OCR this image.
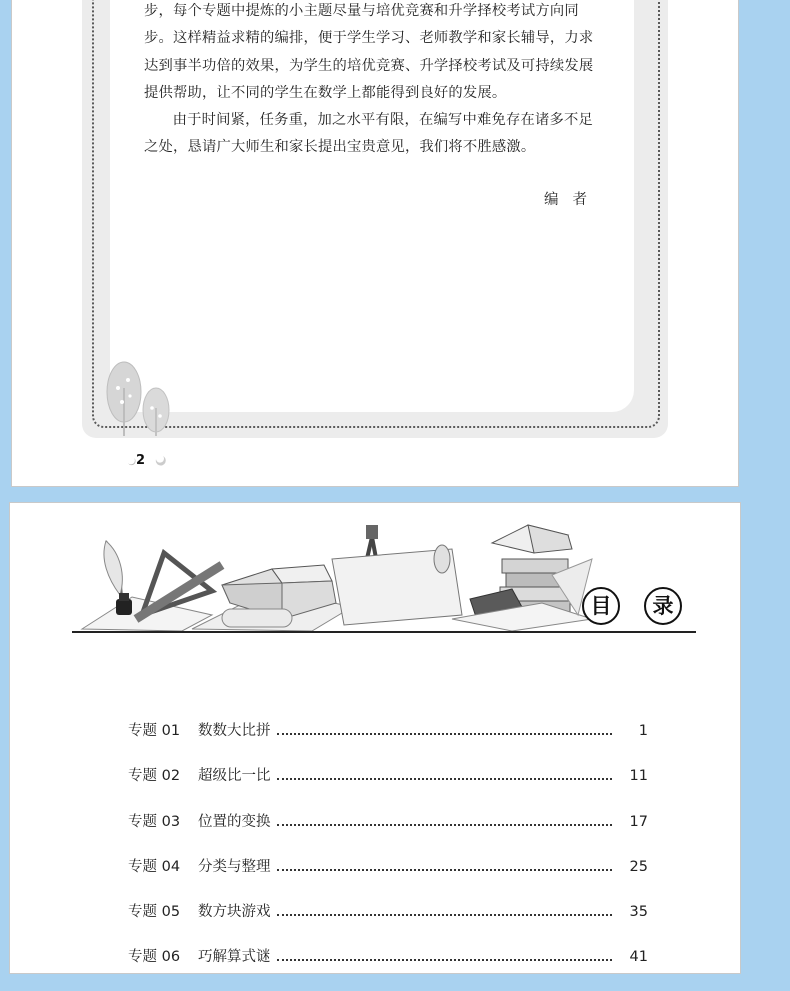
步，每个专题中提炼的小主题尽量与培优竞赛和升学择校考试方向同

步。这样精益求精的编排，便于学生学习、老师教学和家长辅导，力求

达到事半功倍的效果，为学生的培优竞赛、升学择校考试及可持续发展

提供帮助，让不同的学生在数学上都能得到良好的发展。

由于时间紧，任务重，加之水平有限，在编写中难免存在诸多不足

之处，恳请广大师生和家长提出宝贵意见，我们将不胜感激。

编者
2
目	录
专题 01	数数大比拼	1
专题 02	超级比一比	11
专题 03	位置的变换	17
专题 04	分类与整理	25
专题 05	数方块游戏	35
专题 06	巧解算式谜	41
